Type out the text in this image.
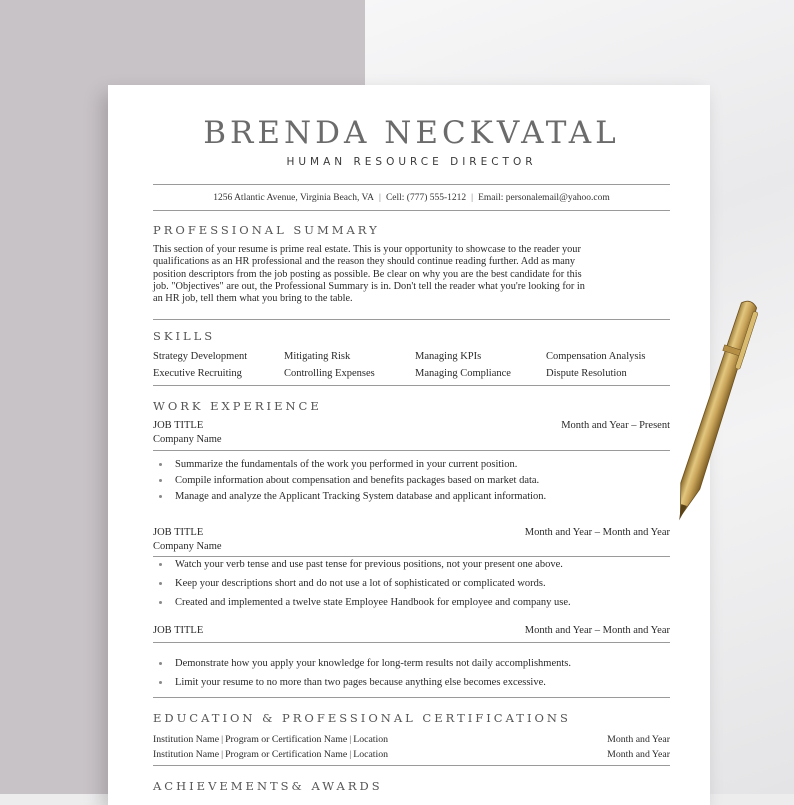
BRENDA NECKVATAL
HUMAN RESOURCE DIRECTOR
1256 Atlantic Avenue, Virginia Beach, VA | Cell: (777) 555-1212 | Email: personalemail@yahoo.com
PROFESSIONAL SUMMARY
This section of your resume is prime real estate. This is your opportunity to showcase to the reader your
qualifications as an HR professional and the reason they should continue reading further. Add as many
position descriptors from the job posting as possible. Be clear on why you are the best candidate for this
job. "Objectives" are out, the Professional Summary is in. Don't tell the reader what you're looking for in
an HR job, tell them what you bring to the table.
SKILLS
Strategy Development	Mitigating Risk	Managing KPIs	Compensation Analysis
Executive Recruiting	Controlling Expenses	Managing Compliance	Dispute Resolution
WORK EXPERIENCE
JOB TITLE	Month and Year – Present
Company Name
Summarize the fundamentals of the work you performed in your current position.
Compile information about compensation and benefits packages based on market data.
Manage and analyze the Applicant Tracking System database and applicant information.
JOB TITLE	Month and Year – Month and Year
Company Name
Watch your verb tense and use past tense for previous positions, not your present one above.
Keep your descriptions short and do not use a lot of sophisticated or complicated words.
Created and implemented a twelve state Employee Handbook for employee and company use.
JOB TITLE	Month and Year – Month and Year
Demonstrate how you apply your knowledge for long-term results not daily accomplishments.
Limit your resume to no more than two pages because anything else becomes excessive.
EDUCATION & PROFESSIONAL CERTIFICATIONS
Institution Name | Program or Certification Name | Location	Month and Year
Institution Name | Program or Certification Name | Location	Month and Year
ACHIEVEMENTS& AWARDS
